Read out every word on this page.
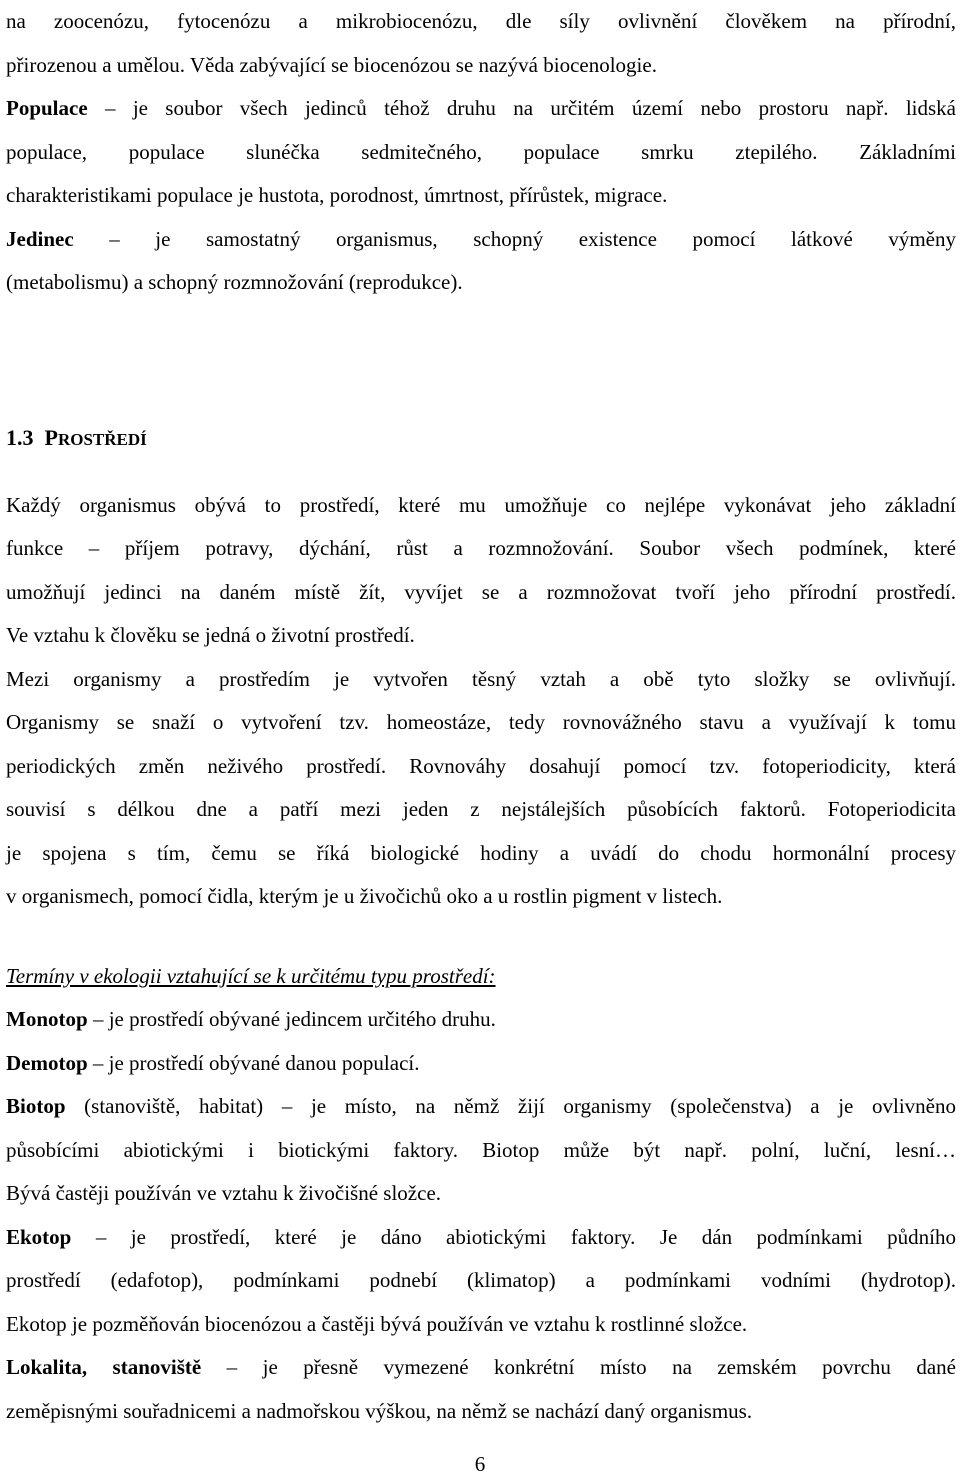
na zoocenózu, fytocenózu a mikrobiocenózu, dle síly ovlivnění člověkem na přírodní,

přirozenou a umělou. Věda zabývající se biocenózou se nazývá biocenologie.

Populace – je soubor všech jedinců téhož druhu na určitém území nebo prostoru např. lidská

populace, populace slunéčka sedmitečného, populace smrku ztepilého. Základními

charakteristikami populace je hustota, porodnost, úmrtnost, přírůstek, migrace.

Jedinec – je samostatný organismus, schopný existence pomocí látkové výměny

(metabolismu) a schopný rozmnožování (reprodukce).

1.3 PROSTŘEDÍ

Každý organismus obývá to prostředí, které mu umožňuje co nejlépe vykonávat jeho základní

funkce – příjem potravy, dýchání, růst a rozmnožování. Soubor všech podmínek, které

umožňují jedinci na daném místě žít, vyvíjet se a rozmnožovat tvoří jeho přírodní prostředí.

Ve vztahu k člověku se jedná o životní prostředí.

Mezi organismy a prostředím je vytvořen těsný vztah a obě tyto složky se ovlivňují.

Organismy se snaží o vytvoření tzv. homeostáze, tedy rovnovážného stavu a využívají k tomu

periodických změn neživého prostředí. Rovnováhy dosahují pomocí tzv. fotoperiodicity, která

souvisí s délkou dne a patří mezi jeden z nejstálejších působících faktorů. Fotoperiodicita

je spojena s tím, čemu se říká biologické hodiny a uvádí do chodu hormonální procesy

v organismech, pomocí čidla, kterým je u živočichů oko a u rostlin pigment v listech.

Termíny v ekologii vztahující se k určitému typu prostředí:

Monotop – je prostředí obývané jedincem určitého druhu.

Demotop – je prostředí obývané danou populací.

Biotop (stanoviště, habitat) – je místo, na němž žijí organismy (společenstva) a je ovlivněno

působícími abiotickými i biotickými faktory. Biotop může být např. polní, luční, lesní…

Bývá častěji používán ve vztahu k živočišné složce.

Ekotop – je prostředí, které je dáno abiotickými faktory. Je dán podmínkami půdního

prostředí (edafotop), podmínkami podnebí (klimatop) a podmínkami vodními (hydrotop).

Ekotop je pozměňován biocenózou a častěji bývá používán ve vztahu k rostlinné složce.

Lokalita, stanoviště – je přesně vymezené konkrétní místo na zemském povrchu dané

zeměpisnými souřadnicemi a nadmořskou výškou, na němž se nachází daný organismus.

6
